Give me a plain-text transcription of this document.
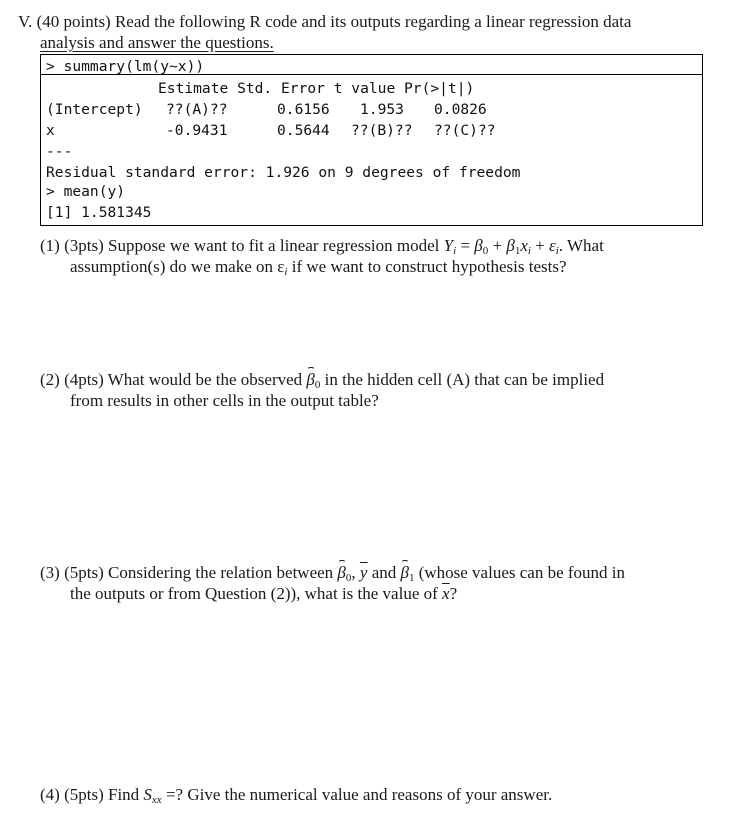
V. (40 points) Read the following R code and its outputs regarding a linear regression data
analysis and answer the questions.
> summary(lm(y~x))
Estimate Std. Error t value Pr(>|t|)
(Intercept) ??(A)??	0.6156 1.953 0.0826
x	-0.9431	0.5644 ??(B)?? ??(C)??
---
Residual standard error: 1.926 on 9 degrees of freedom
> mean(y)
[1] 1.581345
(1) (3pts) Suppose we want to fit a linear regression model $Y_i = \beta_0 + \beta_1x_i + \varepsilon_i$. What
assumption(s) do we make on $\varepsilon_i$ if we want to construct hypothesis tests?
(2) (4pts) What would be the observed $\beta_0$ in the hidden cell (A) that can be implied
from results in other cells in the output table?
(3) (5pts) Considering the relation between $\beta_0$, $\overline{y}$ and $\beta_1$ (whose values can be found in
the outputs or from Question (2)), what is the value of $\overline{x}$?
(4) (5pts) Find $S_{xx}$ =? Give the numerical value and reasons of your answer.
